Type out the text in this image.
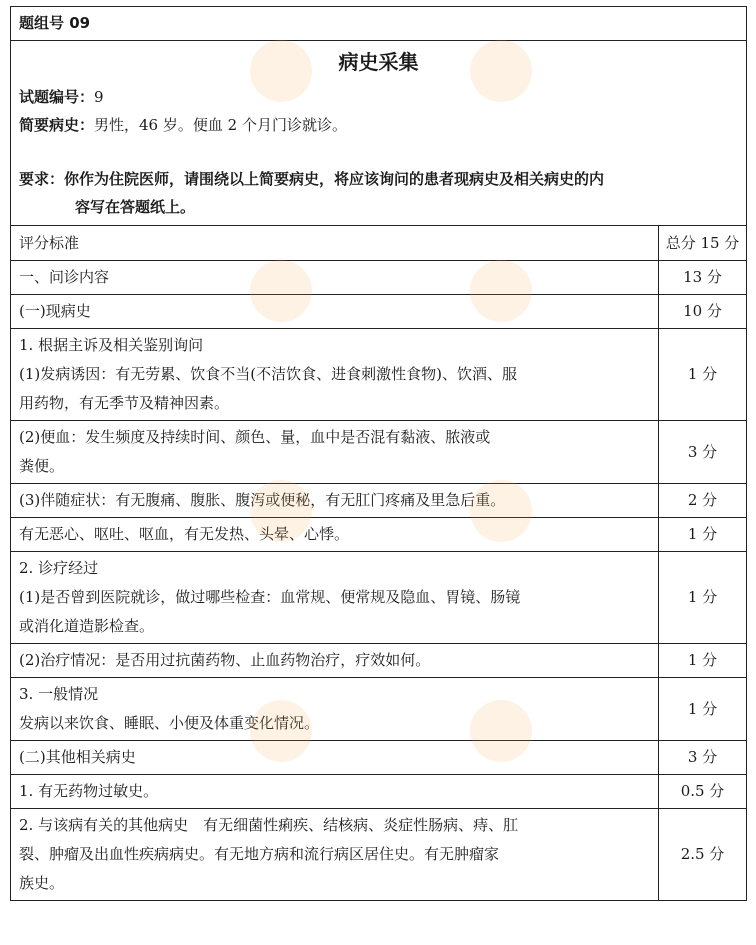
题组号 09	

病史采集
试题编号：9
简要病史：男性，46 岁。便血 2 个月门诊就诊。
要求：你作为住院医师，请围绕以上简要病史，将应该询问的患者现病史及相关病史的内
容写在答题纸上。	

评分标准	总分 15 分

一、问诊内容	13 分

(一)现病史	10 分

1. 根据主诉及相关鉴别询问
(1)发病诱因：有无劳累、饮食不当(不洁饮食、进食刺激性食物)、饮酒、服
用药物，有无季节及精神因素。	1 分

(2)便血：发生频度及持续时间、颜色、量，血中是否混有黏液、脓液或
粪便。	3 分

(3)伴随症状：有无腹痛、腹胀、腹泻或便秘，有无肛门疼痛及里急后重。	2 分

有无恶心、呕吐、呕血，有无发热、头晕、心悸。	1 分

2. 诊疗经过
(1)是否曾到医院就诊，做过哪些检查：血常规、便常规及隐血、胃镜、肠镜
或消化道造影检查。	1 分

(2)治疗情况：是否用过抗菌药物、止血药物治疗，疗效如何。	1 分

3. 一般情况
发病以来饮食、睡眠、小便及体重变化情况。	1 分

(二)其他相关病史	3 分

1. 有无药物过敏史。	0.5 分

2. 与该病有关的其他病史　有无细菌性痢疾、结核病、炎症性肠病、痔、肛
裂、肿瘤及出血性疾病病史。有无地方病和流行病区居住史。有无肿瘤家
族史。	2.5 分
